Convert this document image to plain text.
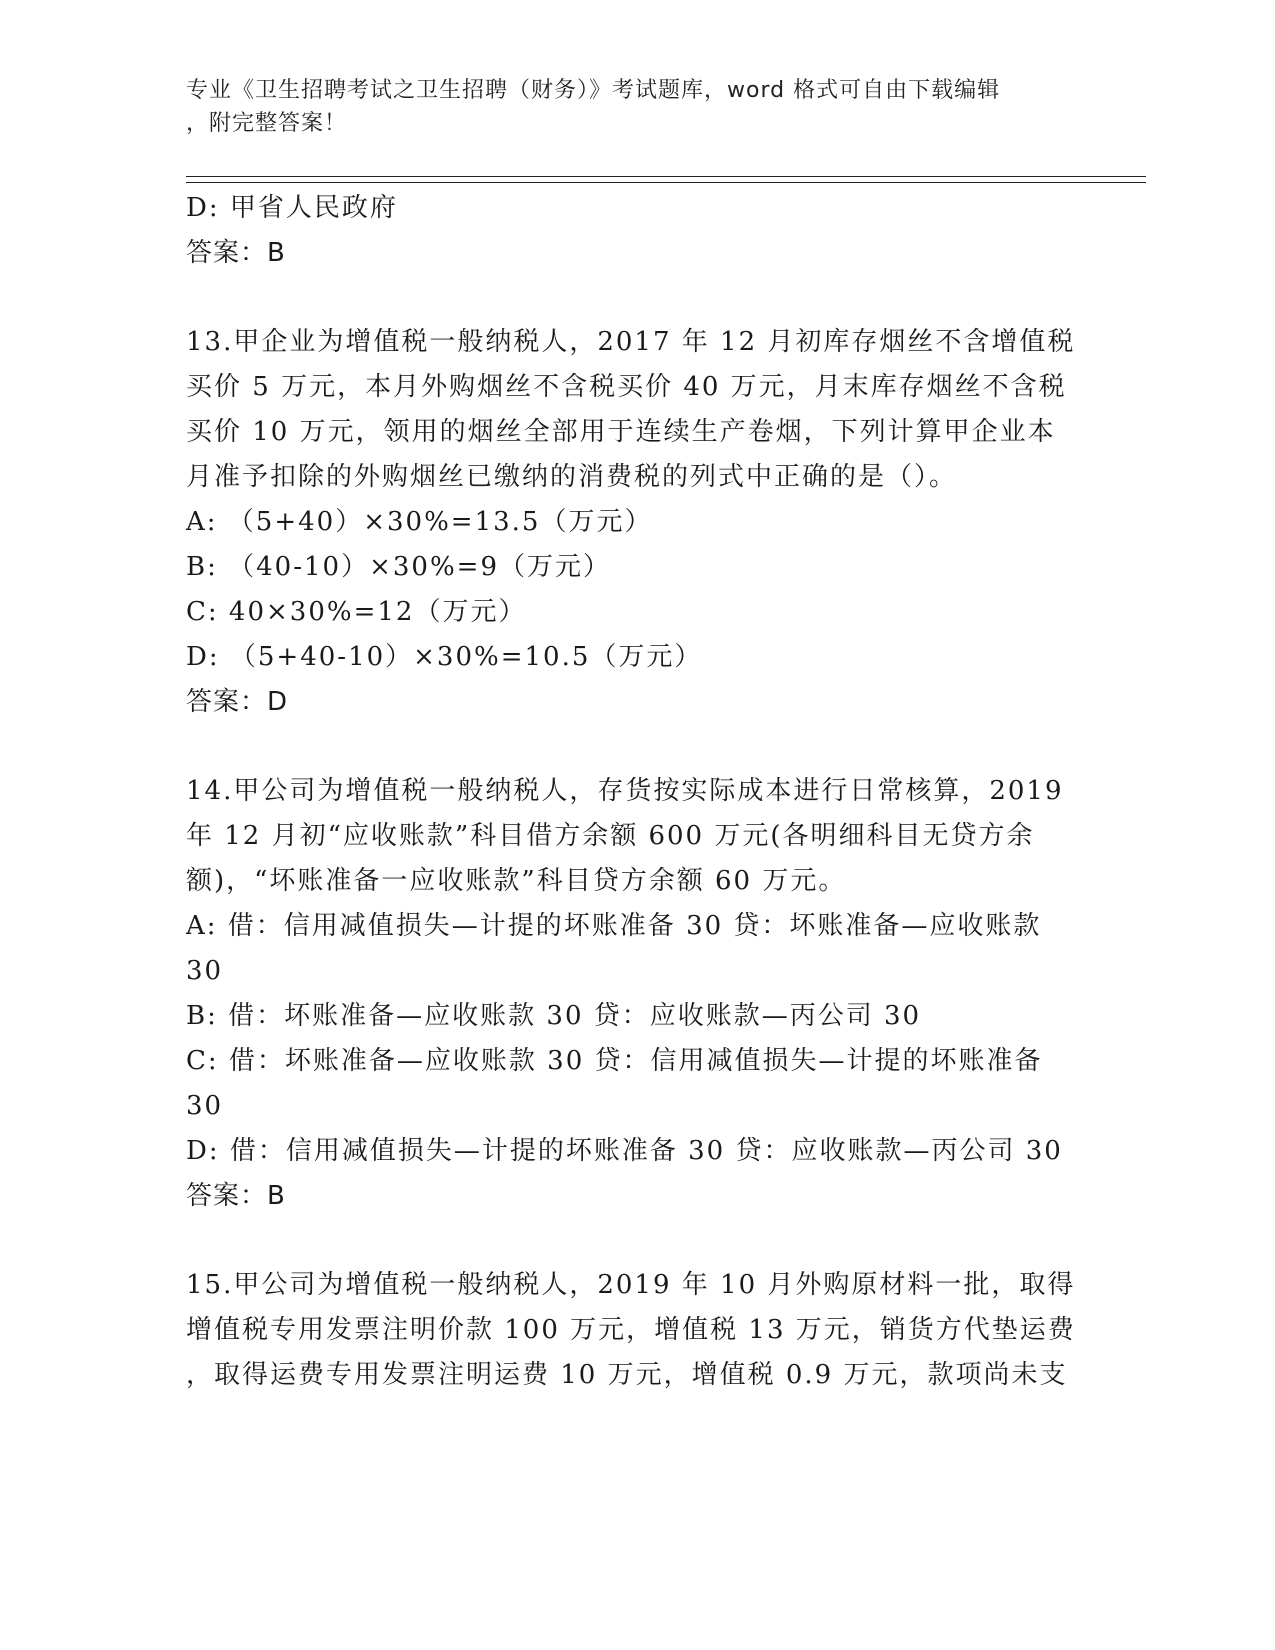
专业《卫生招聘考试之卫生招聘（财务）》考试题库，word 格式可自由下载编辑
，附完整答案！
D: 甲省人民政府
答案：B
13.甲企业为增值税一般纳税人，2017 年 12 月初库存烟丝不含增值税
买价 5 万元，本月外购烟丝不含税买价 40 万元，月末库存烟丝不含税
买价 10 万元，领用的烟丝全部用于连续生产卷烟，下列计算甲企业本
月准予扣除的外购烟丝已缴纳的消费税的列式中正确的是（）。
A: （5+40）×30%=13.5（万元）
B: （40-10）×30%=9（万元）
C: 40×30%=12（万元）
D: （5+40-10）×30%=10.5（万元）
答案：D
14.甲公司为增值税一般纳税人，存货按实际成本进行日常核算，2019
年 12 月初“应收账款”科目借方余额 600 万元(各明细科目无贷方余
额)，“坏账准备一应收账款”科目贷方余额 60 万元。
A: 借：信用减值损失—计提的坏账准备 30 贷：坏账准备—应收账款
30
B: 借：坏账准备—应收账款 30 贷：应收账款—丙公司 30
C: 借：坏账准备—应收账款 30 贷：信用减值损失—计提的坏账准备
30
D: 借：信用减值损失—计提的坏账准备 30 贷：应收账款—丙公司 30
答案：B
15.甲公司为增值税一般纳税人，2019 年 10 月外购原材料一批，取得
增值税专用发票注明价款 100 万元，增值税 13 万元，销货方代垫运费
，取得运费专用发票注明运费 10 万元，增值税 0.9 万元，款项尚未支
